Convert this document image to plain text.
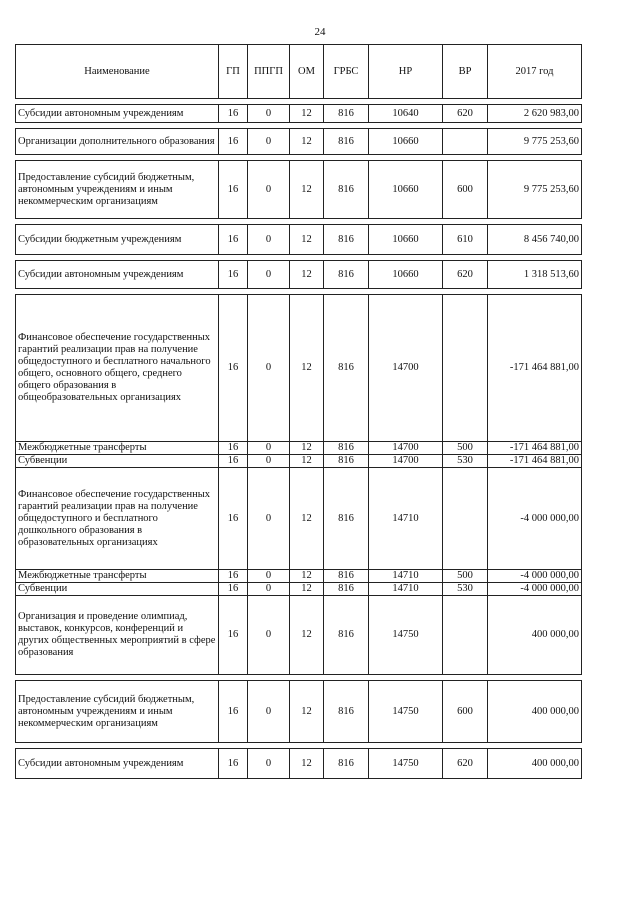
24
Наименование	ГП	ППГП	ОМ	ГРБС	НР	ВР	2017 год

Субсидии автономным учреждениям	16	0	12	816	10640	620	2 620 983,00

Организации дополнительного образования	16	0	12	816	10660		9 775 253,60

Предоставление субсидий бюджетным, автономным учреждениям и иным некоммерческим организациям	16	0	12	816	10660	600	9 775 253,60

Субсидии бюджетным учреждениям	16	0	12	816	10660	610	8 456 740,00

Субсидии автономным учреждениям	16	0	12	816	10660	620	1 318 513,60

Финансовое обеспечение государственных гарантий реализации прав на получение общедоступного и бесплатного начального общего, основного общего, среднего общего образования в общеобразовательных организациях	16	0	12	816	14700		-171 464 881,00
Межбюджетные трансферты	16	0	12	816	14700	500	-171 464 881,00
Субвенции	16	0	12	816	14700	530	-171 464 881,00
Финансовое обеспечение государственных гарантий реализации прав на получение общедоступного и бесплатного дошкольного образования в образовательных организациях	16	0	12	816	14710		-4 000 000,00
Межбюджетные трансферты	16	0	12	816	14710	500	-4 000 000,00
Субвенции	16	0	12	816	14710	530	-4 000 000,00
Организация и проведение олимпиад, выставок, конкурсов, конференций и других общественных мероприятий в сфере образования	16	0	12	816	14750		400 000,00

Предоставление субсидий бюджетным, автономным учреждениям и иным некоммерческим организациям	16	0	12	816	14750	600	400 000,00

Субсидии автономным учреждениям	16	0	12	816	14750	620	400 000,00
